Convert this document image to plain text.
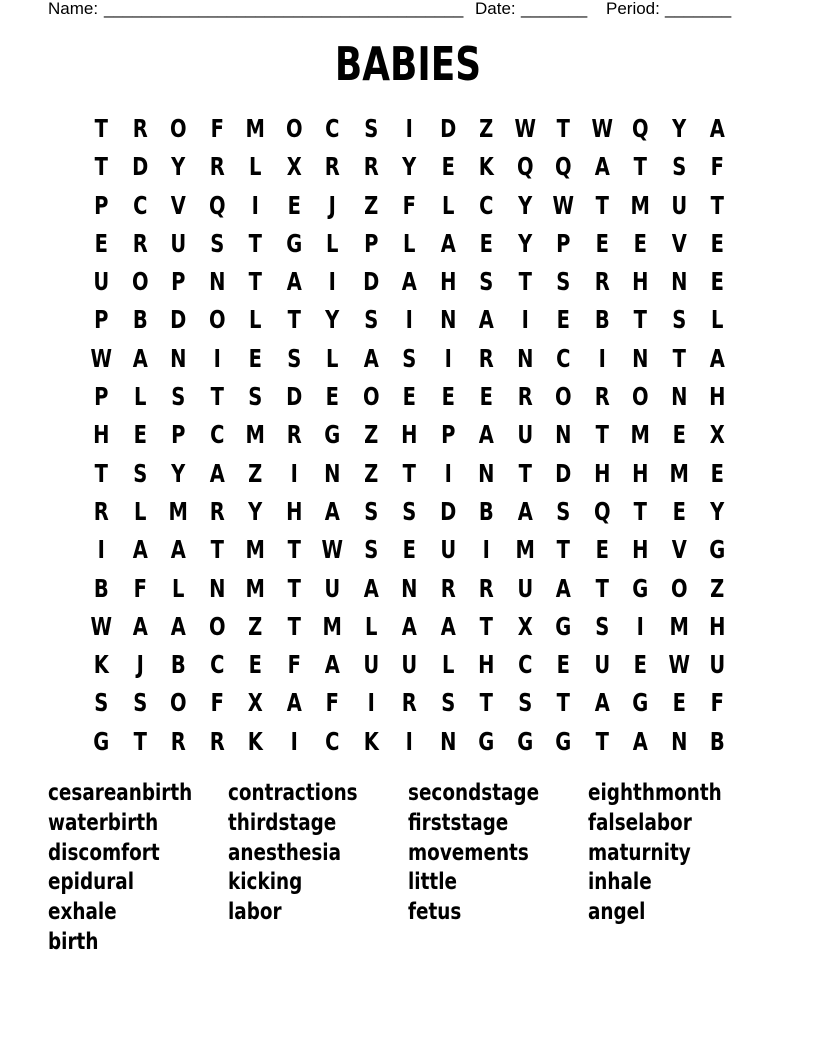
Name: ______________________________________ Date: _______ Period: _______
BABIES
T R O F M O C S	I	D Z W T W Q Y A
T D Y R L X R R Y E K Q Q A T S F
P C V Q	I	E	J	Z F	L	C Y W T M U T
E R U S T G L	P	L A E Y P E	E V E
U O P N T A	I	D A H S T S R H N E
P B D O L	T Y S	I	N A	I	E B T S	L
W A N	I	E S	L A S	I	R N C	I	N T A
P	L	S T S D E O E	E	E R O R O N H
H E P C M R G Z H P A U N T M E X
T S Y A Z	I	N Z T	I	N T D H H M E
R L M R Y H A S S D B A S Q T	E Y
I	A A T M T W S E U	I	M T	E H V G
B F	L N M T U A N R R U A T G O Z
W A A O Z T M L A A T X G S	I	M H
K	J	B C E	F A U U L H C E U E W U
S S O F X A F	I	R S T S T A G E	F
G T R R K	I	C K	I	N G G G T A N B
cesareanbirth
waterbirth
discomfort
epidural
exhale
birth
contractions
thirdstage
anesthesia
kicking
labor
secondstage
firststage
movements
little
fetus
eighthmonth
falselabor
maturnity
inhale
angel
